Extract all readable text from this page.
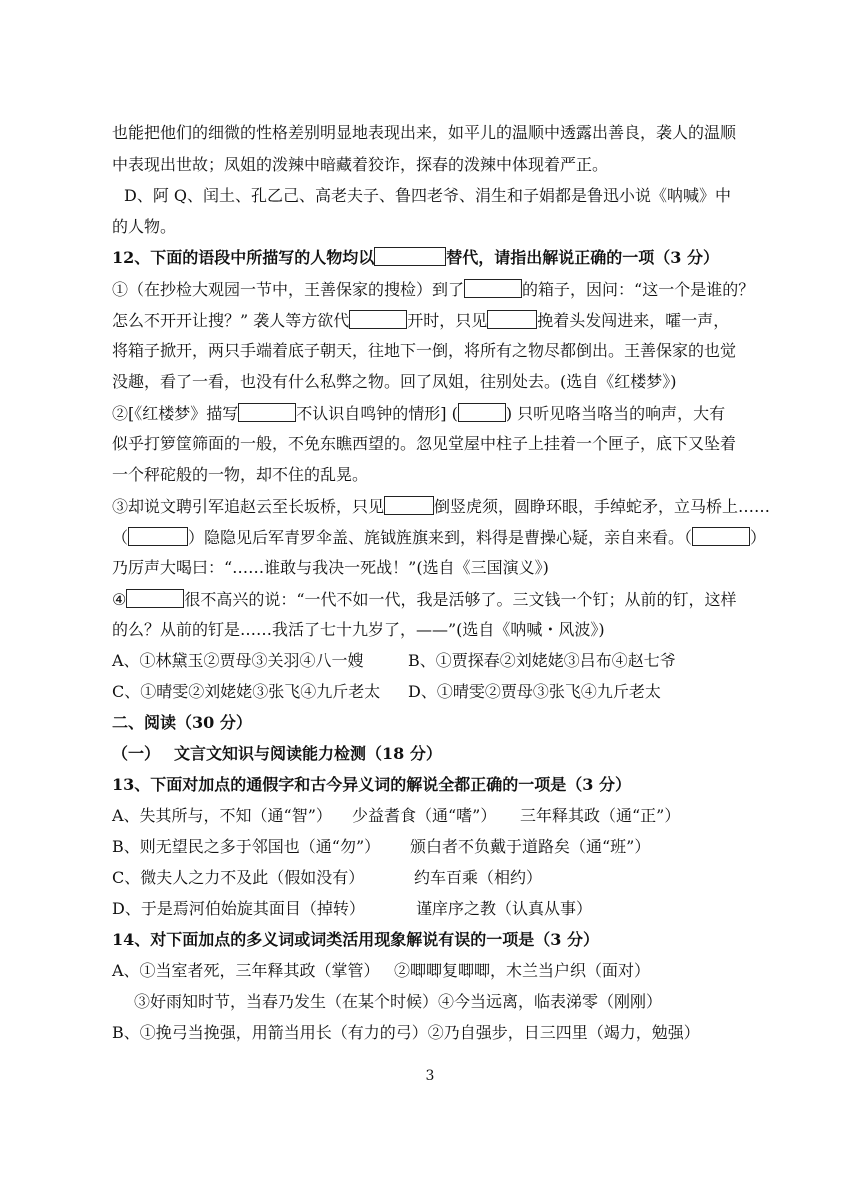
也能把他们的细微的性格差别明显地表现出来，如平儿的温顺中透露出善良，袭人的温顺
中表现出世故；凤姐的泼辣中暗藏着狡诈，探春的泼辣中体现着严正。
D、阿 Q、闰土、孔乙己、高老夫子、鲁四老爷、涓生和子娟都是鲁迅小说《呐喊》中
的人物。
12、下面的语段中所描写的人物均以	替代，请指出解说正确的一项（3 分）
①（在抄检大观园一节中，王善保家的搜检）到了	的箱子，因问：“这一个是谁的？
怎么不开开让搜？” 袭人等方欲代	开时，只见	挽着头发闯进来，嚯一声，
将箱子掀开，两只手端着底子朝天，往地下一倒，将所有之物尽都倒出。王善保家的也觉
没趣，看了一看，也没有什么私弊之物。回了凤姐，往别处去。(选自《红楼梦》)
②[《红楼梦》描写	不认识自鸣钟的情形] (	) 只听见咯当咯当的响声，大有
似乎打箩筐筛面的一般，不免东瞧西望的。忽见堂屋中柱子上挂着一个匣子，底下又坠着
一个秤砣般的一物，却不住的乱晃。
③却说文聘引军追赵云至长坂桥，只见	倒竖虎须，圆睁环眼，手绰蛇矛，立马桥上……
（	）隐隐见后军青罗伞盖、旄钺旌旗来到，料得是曹操心疑，亲自来看。（	）
乃厉声大喝曰：“……谁敢与我决一死战！”(选自《三国演义》)
④	很不高兴的说：“一代不如一代，我是活够了。三文钱一个钉；从前的钉，这样
的么？从前的钉是……我活了七十九岁了，——”(选自《呐喊・风波》)
A、①林黛玉②贾母③关羽④八一嫂	B、①贾探春②刘姥姥③吕布④赵七爷
C、①晴雯②刘姥姥③张飞④九斤老太 D、①晴雯②贾母③张飞④九斤老太
二、阅读（30 分）
（一） 文言文知识与阅读能力检测（18 分）
13、下面对加点的通假字和古今异义词的解说全都正确的一项是（3 分）
A、失其所与，不知（通“智”） 少益耆食（通“嗜”） 三年释其政（通“正”）
B、则无望民之多于邻国也（通“勿”） 颁白者不负戴于道路矣（通“班”）
C、微夫人之力不及此（假如没有）	约车百乘（相约）
D、于是焉河伯始旋其面目（掉转）	谨庠序之教（认真从事）
14、对下面加点的多义词或词类活用现象解说有误的一项是（3 分）
A、①当室者死，三年释其政（掌管） ②唧唧复唧唧，木兰当户织（面对）
③好雨知时节，当春乃发生（在某个时候）④今当远离，临表涕零（刚刚）
B、①挽弓当挽强，用箭当用长（有力的弓）②乃自强步，日三四里（竭力，勉强）
3
